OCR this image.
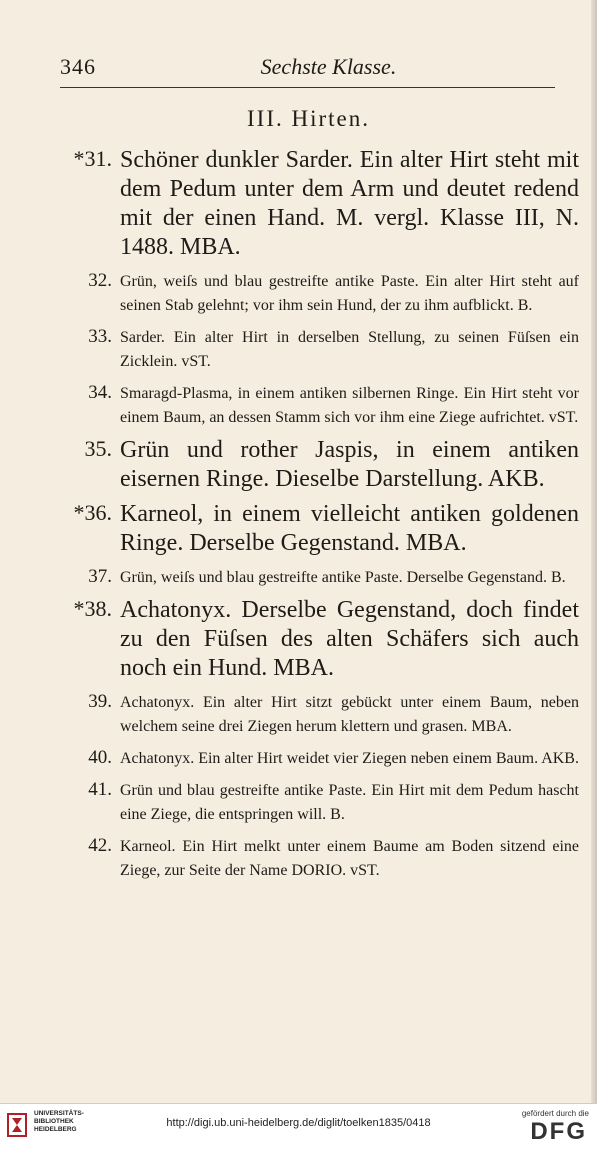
346	Sechste Klasse.
III. Hirten.
*31. Schöner dunkler Sarder. Ein alter Hirt steht mit dem Pedum unter dem Arm und deutet redend mit der einen Hand. M. vergl. Klasse III, N. 1488. MBA.
32. Grün, weiſs und blau gestreifte antike Paste. Ein alter Hirt steht auf seinen Stab gelehnt; vor ihm sein Hund, der zu ihm aufblickt. B.
33. Sarder. Ein alter Hirt in derselben Stellung, zu seinen Füſsen ein Zicklein. vST.
34. Smaragd-Plasma, in einem antiken silbernen Ringe. Ein Hirt steht vor einem Baum, an dessen Stamm sich vor ihm eine Ziege aufrichtet. vST.
35. Grün und rother Jaspis, in einem antiken eisernen Ringe. Dieselbe Darstellung. AKB.
*36. Karneol, in einem vielleicht antiken goldenen Ringe. Derselbe Gegenstand. MBA.
37. Grün, weiſs und blau gestreifte antike Paste. Derselbe Gegenstand. B.
*38. Achatonyx. Derselbe Gegenstand, doch findet zu den Füſsen des alten Schäfers sich auch noch ein Hund. MBA.
39. Achatonyx. Ein alter Hirt sitzt gebückt unter einem Baum, neben welchem seine drei Ziegen herum klettern und grasen. MBA.
40. Achatonyx. Ein alter Hirt weidet vier Ziegen neben einem Baum. AKB.
41. Grün und blau gestreifte antike Paste. Ein Hirt mit dem Pedum hascht eine Ziege, die entspringen will. B.
42. Karneol. Ein Hirt melkt unter einem Baume am Boden sitzend eine Ziege, zur Seite der Name DORIO. vST.
UNIVERSITÄTS-
BIBLIOTHEK
HEIDELBERG
http://digi.ub.uni-heidelberg.de/diglit/toelken1835/0418
gefördert durch die
DFG
